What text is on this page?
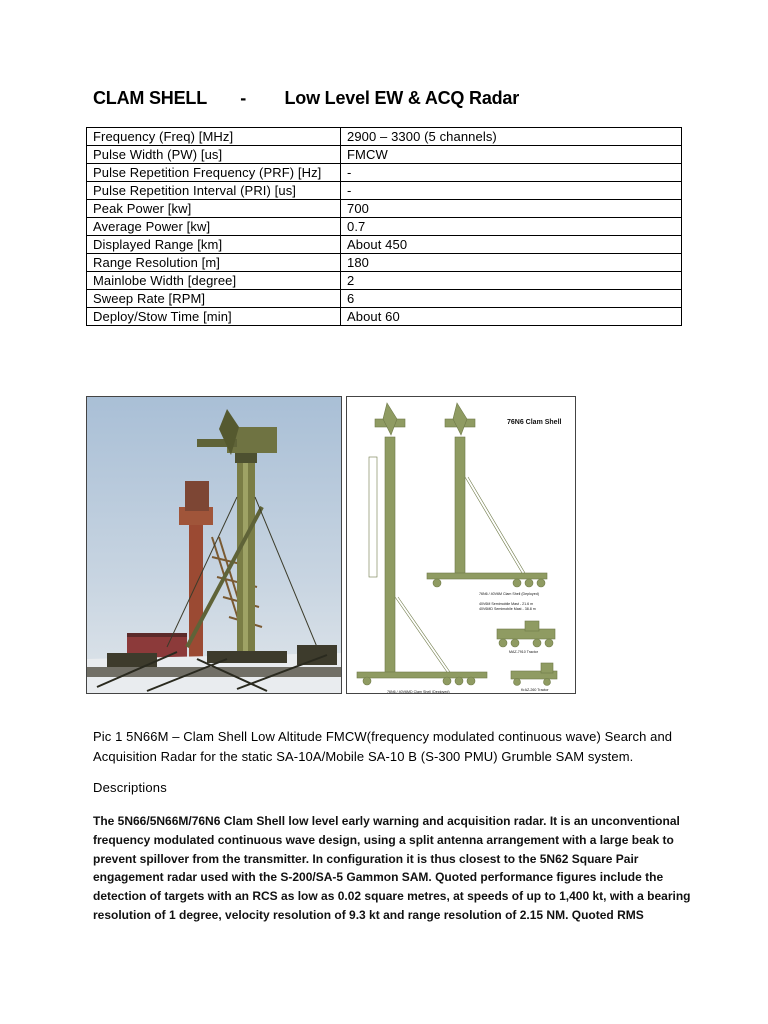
CLAM SHELL       -        Low Level EW & ACQ Radar
Frequency (Freq) [MHz]	2900 – 3300 (5 channels)
Pulse Width (PW) [us]	FMCW
Pulse Repetition Frequency (PRF) [Hz]	-
Pulse Repetition Interval (PRI) [us]	-
Peak Power [kw]	700
Average Power [kw]	0.7
Displayed Range [km]	About 450
Range Resolution [m]	180
Mainlobe Width [degree]	2
Sweep Rate [RPM]	6
Deploy/Stow Time [min]	About 60
76N6 Clam Shell
76N6 / 40V6M Clam Shell (Deployed)
40V6M Semimobile Mast - 21.6 m 40V6MD Semimobile Mast - 38.8 m
MAZ-7910 Tractor
76N6 / 40V6MD Clam Shell (Deployed)	KrAZ-260 Tractor
Pic 1 5N66M – Clam Shell Low Altitude FMCW(frequency modulated continuous wave) Search and Acquisition Radar for the static SA-10A/Mobile SA-10 B (S-300 PMU) Grumble SAM system.
Descriptions
The 5N66/5N66M/76N6 Clam Shell low level early warning and acquisition radar. It is an unconventional frequency modulated continuous wave design, using a split antenna arrangement with a large beak to prevent spillover from the transmitter. In configuration it is thus closest to the 5N62 Square Pair engagement radar used with the S-200/SA-5 Gammon SAM. Quoted performance figures include the detection of targets with an RCS as low as 0.02 square metres, at speeds of up to 1,400 kt, with a bearing resolution of 1 degree, velocity resolution of 9.3 kt and range resolution of 2.15 NM. Quoted RMS
